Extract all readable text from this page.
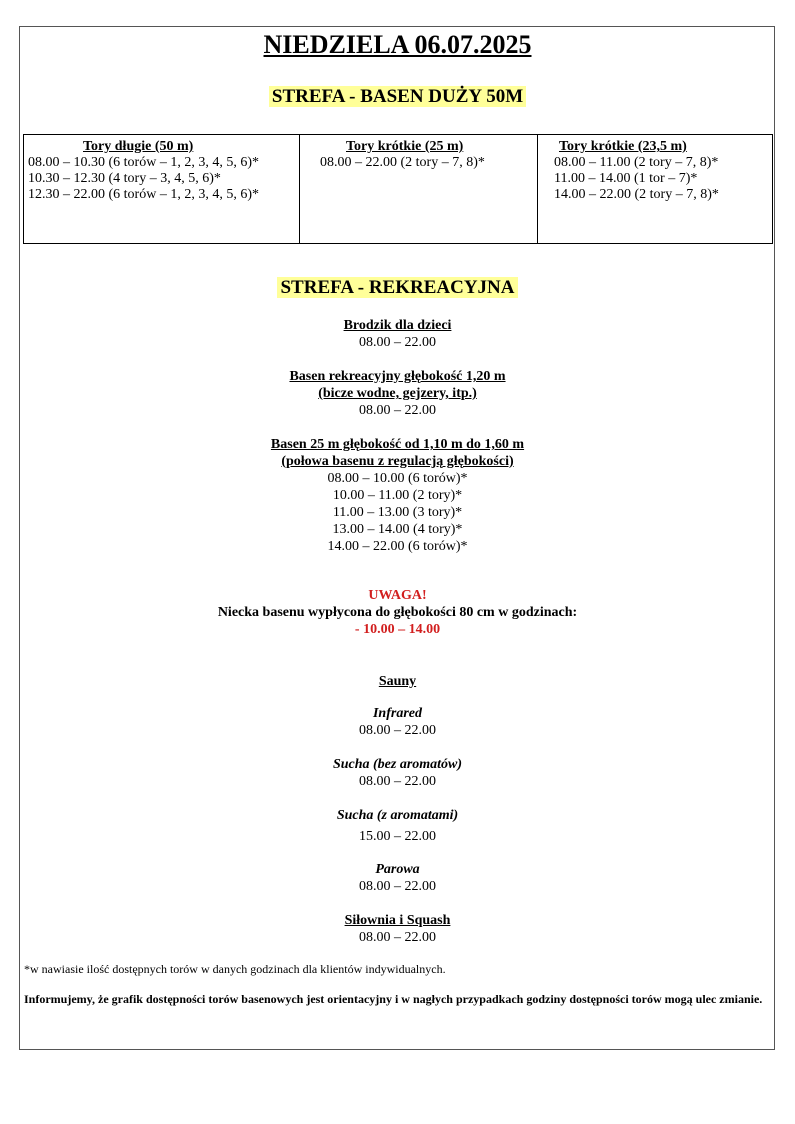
NIEDZIELA 06.07.2025
STREFA - BASEN DUŻY 50M
Tory długie (50 m)
08.00 – 10.30 (6 torów – 1, 2, 3, 4, 5, 6)*
10.30 – 12.30 (4 tory – 3, 4, 5, 6)*
12.30 – 22.00 (6 torów – 1, 2, 3, 4, 5, 6)*
Tory krótkie (25 m)
08.00 – 22.00 (2 tory – 7, 8)*
Tory krótkie (23,5 m)
08.00 – 11.00 (2 tory – 7, 8)*
11.00 – 14.00 (1 tor – 7)*
14.00 – 22.00 (2 tory – 7, 8)*
STREFA - REKREACYJNA
Brodzik dla dzieci
08.00 – 22.00
Basen rekreacyjny głębokość 1,20 m
(bicze wodne, gejzery, itp.)
08.00 – 22.00
Basen 25 m głębokość od 1,10 m do 1,60 m
(połowa basenu z regulacją głębokości)
08.00 – 10.00 (6 torów)*
10.00 – 11.00 (2 tory)*
11.00 – 13.00 (3 tory)*
13.00 – 14.00 (4 tory)*
14.00 – 22.00 (6 torów)*
UWAGA!
Niecka basenu wypłycona do głębokości 80 cm w godzinach:
- 10.00 – 14.00
Sauny
Infrared
08.00 – 22.00
Sucha (bez aromatów)
08.00 – 22.00
Sucha (z aromatami)
15.00 – 22.00
Parowa
08.00 – 22.00
Siłownia i Squash
08.00 – 22.00
*w nawiasie ilość dostępnych torów w danych godzinach dla klientów indywidualnych.
Informujemy, że grafik dostępności torów basenowych jest orientacyjny i w nagłych przypadkach godziny dostępności torów mogą ulec zmianie.
